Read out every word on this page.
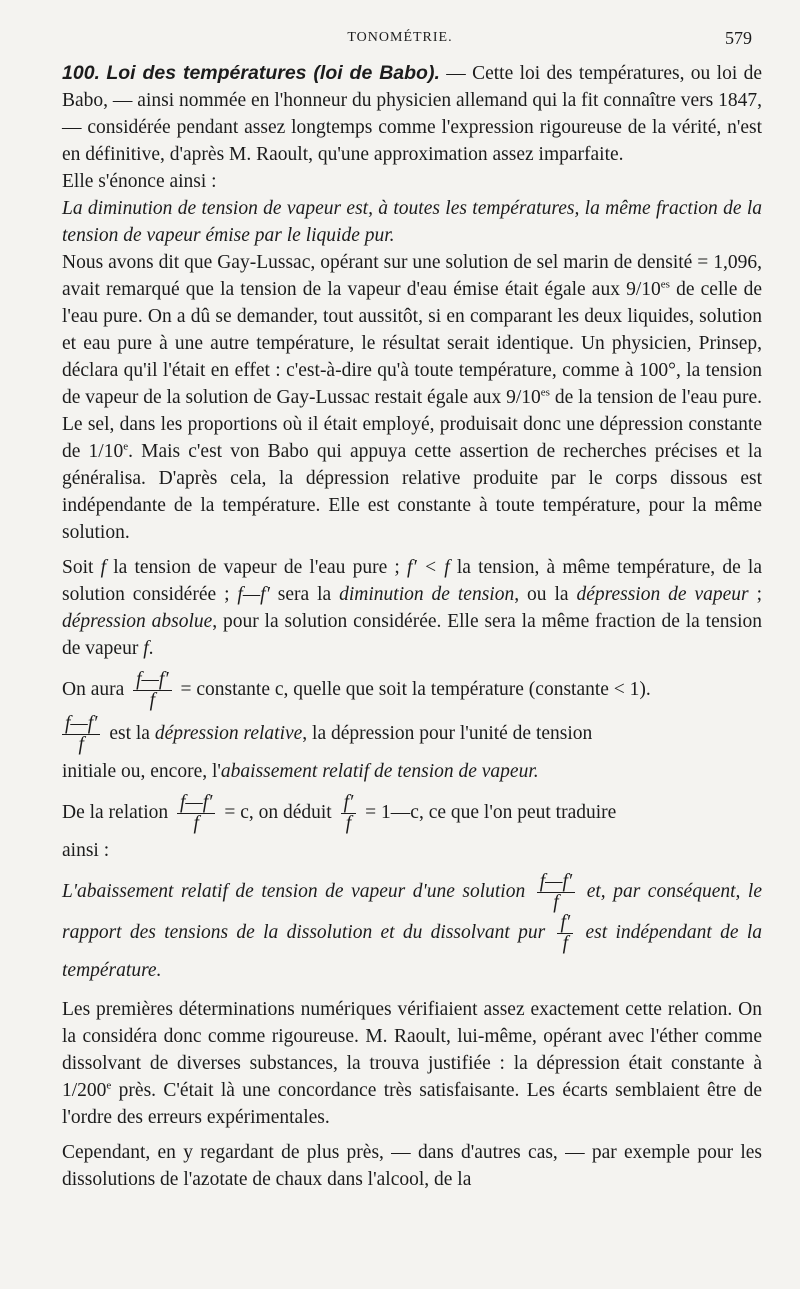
TONOMÉTRIE.	579

100. Loi des températures (loi de Babo). — Cette loi des températures, ou loi de Babo, — ainsi nommée en l'honneur du physicien allemand qui la fit connaître vers 1847, — considérée pendant assez longtemps comme l'expression rigoureuse de la vérité, n'est en définitive, d'après M. Raoult, qu'une approximation assez imparfaite.

Elle s'énonce ainsi :

La diminution de tension de vapeur est, à toutes les températures, la même fraction de la tension de vapeur émise par le liquide pur.

Nous avons dit que Gay-Lussac, opérant sur une solution de sel marin de densité = 1,096, avait remarqué que la tension de la vapeur d'eau émise était égale aux $9/10^{es}$ de celle de l'eau pure. On a dû se demander, tout aussitôt, si en comparant les deux liquides, solution et eau pure à une autre température, le résultat serait identique. Un physicien, Prinsep, déclara qu'il l'était en effet : c'est-à-dire qu'à toute température, comme à 100°, la tension de vapeur de la solution de Gay-Lussac restait égale aux $9/10^{es}$ de la tension de l'eau pure. Le sel, dans les proportions où il était employé, produisait donc une dépression constante de 1/10e. Mais c'est von Babo qui appuya cette assertion de recherches précises et la généralisa. D'après cela, la dépression relative produite par le corps dissous est indépendante de la température. Elle est constante à toute température, pour la même solution.

Soit f la tension de vapeur de l'eau pure ; f′ < f la tension, à même température, de la solution considérée ; f—f′ sera la diminution de tension, ou la dépression de vapeur ; dépression absolue, pour la solution considérée. Elle sera la même fraction de la tension de vapeur f.

On aura $\frac{f—f'}{f}$ = constante c, quelle que soit la température (constante < 1).
$\frac{f—f'}{f}$ est la dépression relative, la dépression pour l'unité de tension

initiale ou, encore, l'abaissement relatif de tension de vapeur.

De la relation $\frac{f—f'}{f} = c$, on déduit $\frac{f'}{f}$ = 1—c, ce que l'on peut traduire

ainsi :

L'abaissement relatif de tension de vapeur d'une solution $\frac{f—f'}{f}$ et, par conséquent, le rapport des tensions de la dissolution et du dissolvant pur $\frac{f'}{f}$ est indépendant de la température.

Les premières déterminations numériques vérifiaient assez exactement cette relation. On la considéra donc comme rigoureuse. M. Raoult, lui-même, opérant avec l'éther comme dissolvant de diverses substances, la trouva justifiée : la dépression était constante à 1/200e près. C'était là une concordance très satisfaisante. Les écarts semblaient être de l'ordre des erreurs expérimentales.

Cependant, en y regardant de plus près, — dans d'autres cas, — par exemple pour les dissolutions de l'azotate de chaux dans l'alcool, de la
